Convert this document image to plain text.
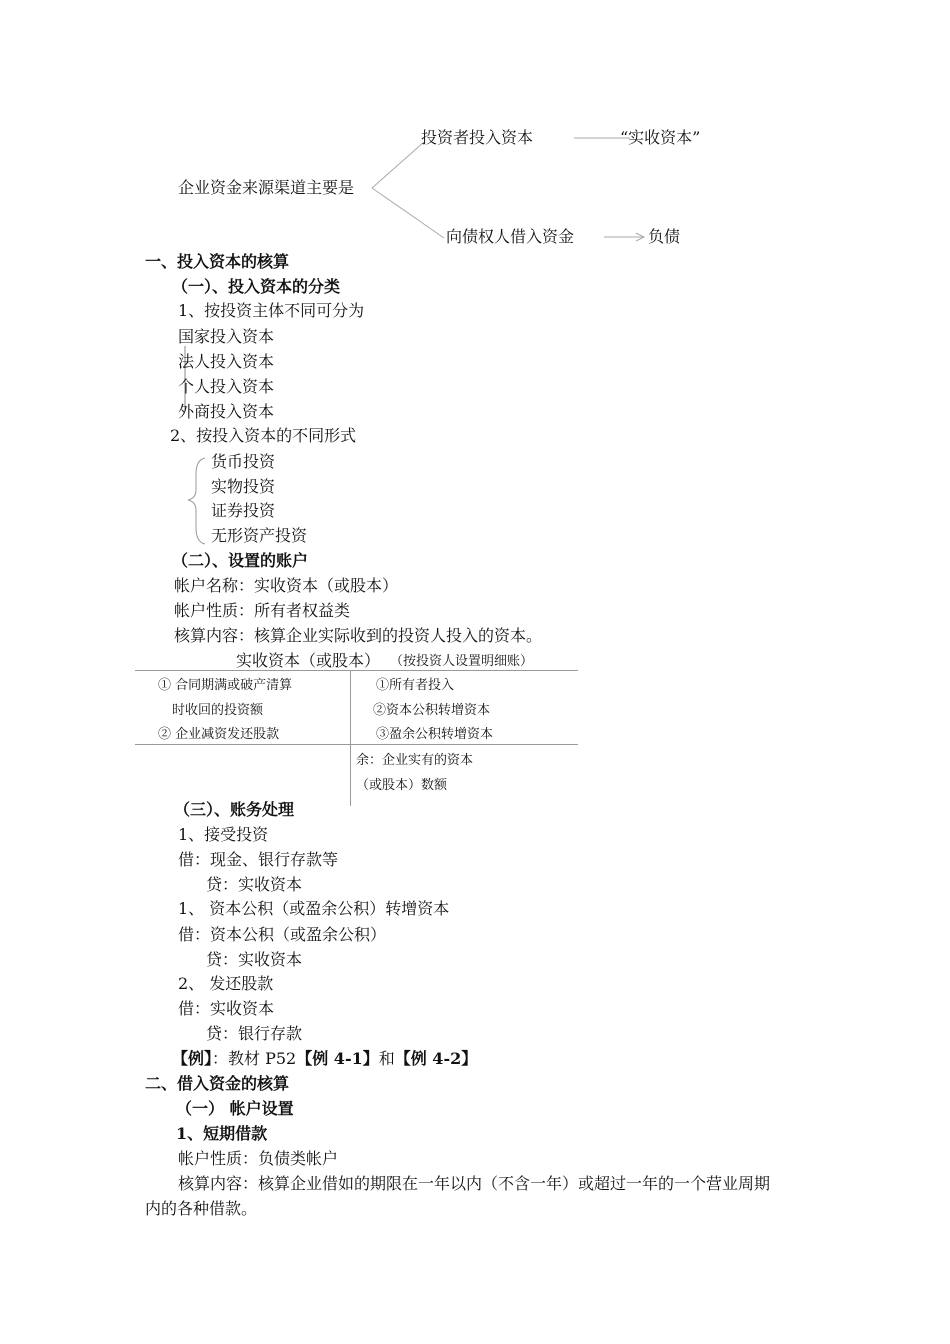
企业资金来源渠道主要是
投资者投入资本	“实收资本”
向债权人借入资金	负债
一、投入资本的核算
（一）、投入资本的分类
1、按投资主体不同可分为
国家投入资本
法人投入资本
个人投入资本
外商投入资本
2、按投入资本的不同形式
货币投资
实物投资
证券投资
无形资产投资
（二）、设置的账户
帐户名称：实收资本（或股本）
帐户性质：所有者权益类
核算内容：核算企业实际收到的投资人投入的资本。
实收资本（或股本） （按投资人设置明细账）
① 合同期满或破产清算
时收回的投资额
② 企业减资发还股款
①所有者投入
②资本公积转增资本
③盈余公积转增资本
余：企业实有的资本
（或股本）数额
（三）、账务处理
1、接受投资
借：现金、银行存款等
贷：实收资本
1、 资本公积（或盈余公积）转增资本
借：资本公积（或盈余公积）
贷：实收资本
2、 发还股款
借：实收资本
贷：银行存款
【例】：教材 P52【例 4-1】和【例 4-2】
二、借入资金的核算
（一） 帐户设置
1、短期借款
帐户性质：负债类帐户
核算内容：核算企业借如的期限在一年以内（不含一年）或超过一年的一个营业周期
内的各种借款。
